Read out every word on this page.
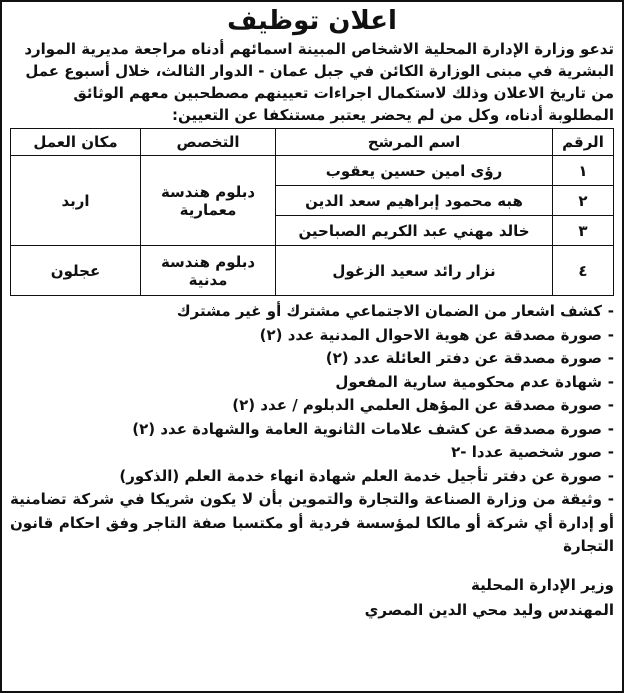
اعلان توظيف
تدعو وزارة الإدارة المحلية الاشخاص المبينة اسمائهم أدناه مراجعة مديرية الموارد
البشرية في مبنى الوزارة الكائن في جبل عمان - الدوار الثالث، خلال أسبوع عمل
من تاريخ الاعلان وذلك لاستكمال اجراءات تعيينهم مصطحبين معهم الوثائق
المطلوبة أدناه، وكل من لم يحضر يعتبر مستنكفا عن التعيين:
الرقم	اسم المرشح	التخصص	مكان العمل
١	رؤى امين حسين يعقوب	دبلوم هندسة معمارية	اربد
٢	هبه محمود إبراهيم سعد الدين		
٣	خالد مهني عبد الكريم الصباحين		
٤	نزار رائد سعيد الزغول	دبلوم هندسة مدنية	عجلون
-كشف اشعار من الضمان الاجتماعي مشترك أو غير مشترك
-صورة مصدقة عن هوية الاحوال المدنية عدد (٢)
-صورة مصدقة عن دفتر العائلة عدد (٢)
-شهادة عدم محكومية سارية المفعول
-صورة مصدقة عن المؤهل العلمي الدبلوم / عدد (٢)
-صورة مصدقة عن كشف علامات الثانوية العامة والشهادة عدد (٢)
-صور شخصية عددا -٢
-صورة عن دفتر تأجيل خدمة العلم شهادة انهاء خدمة العلم (الذكور)
-وثيقة من وزارة الصناعة والتجارة والتموين بأن لا يكون شريكا في شركة تضامنية أو إدارة أي شركة أو مالكا لمؤسسة فردية أو مكتسبا صفة التاجر وفق احكام قانون التجارة
وزير الإدارة المحلية
المهندس وليد محي الدين المصري
